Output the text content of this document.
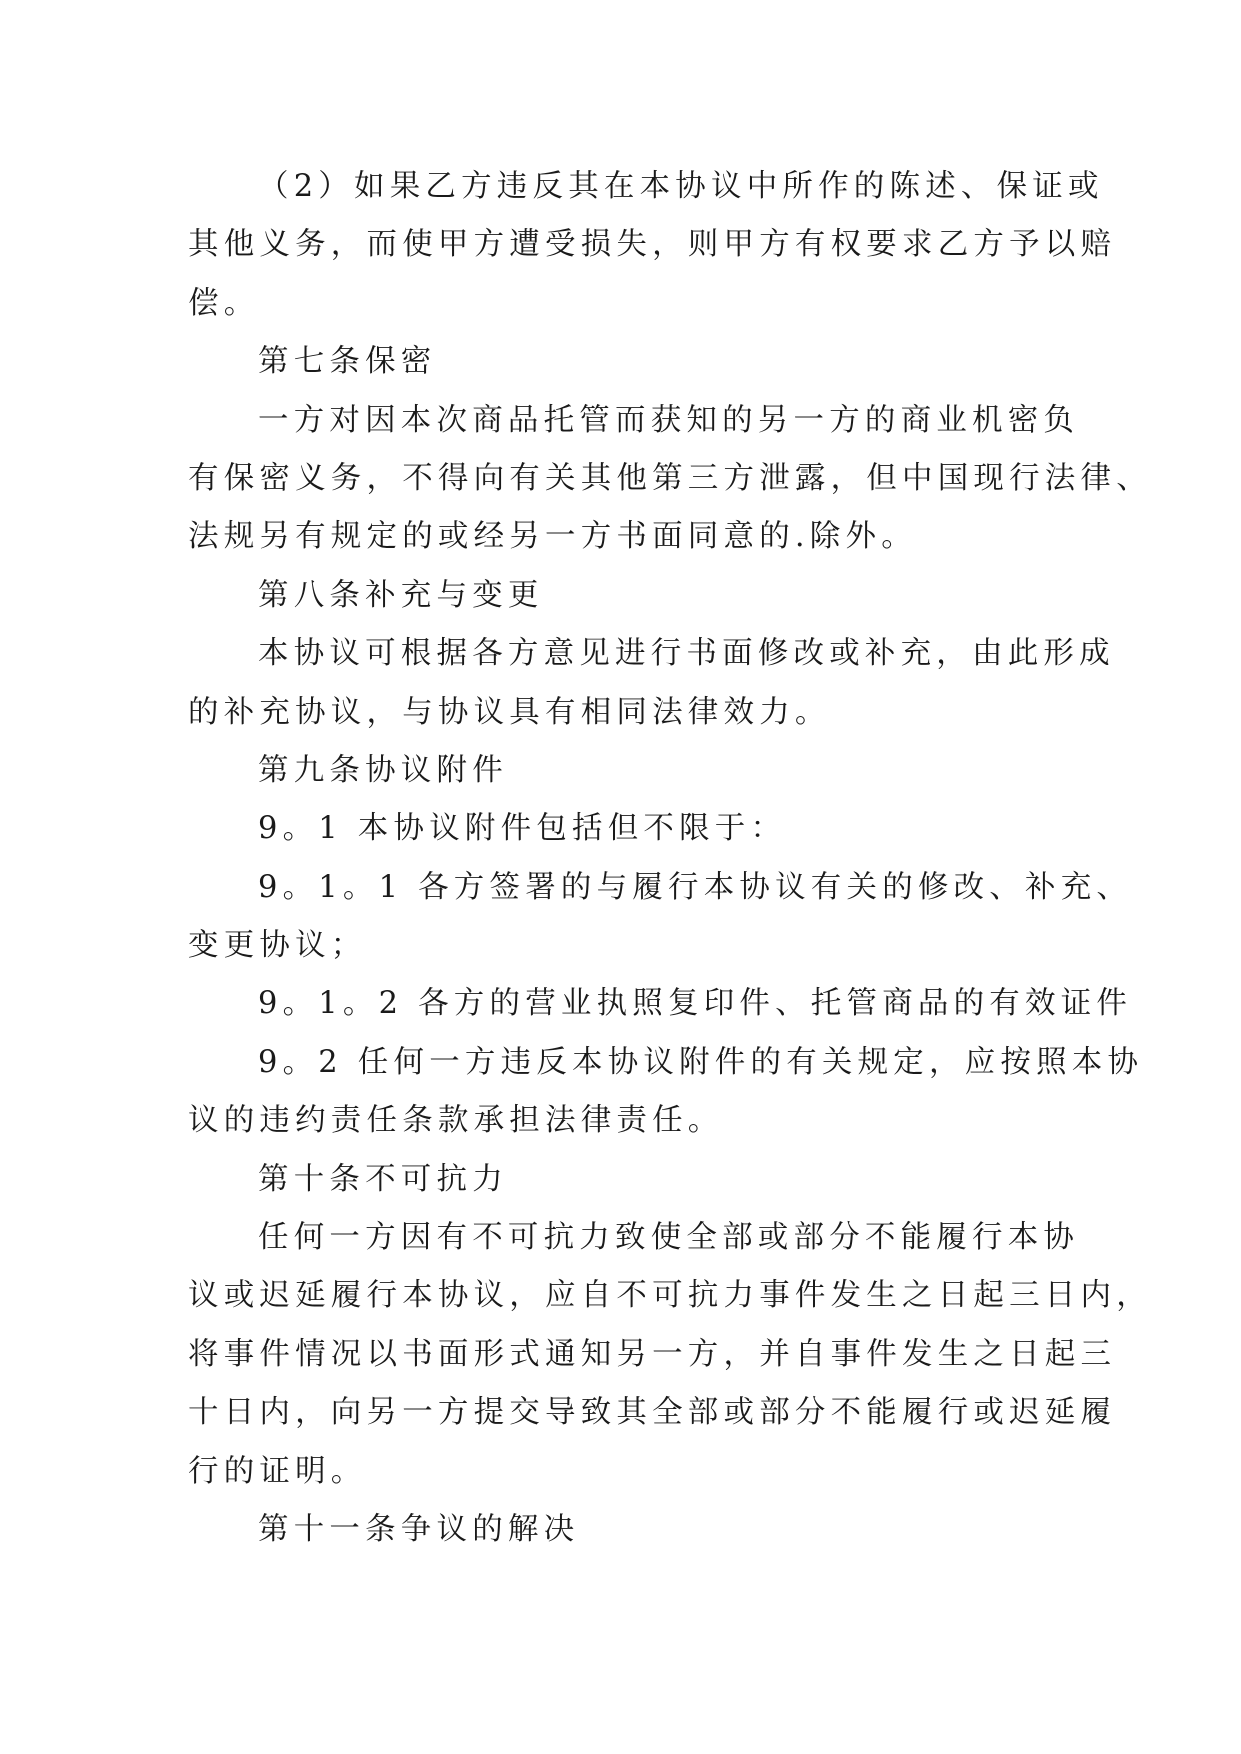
（2）如果乙方违反其在本协议中所作的陈述、保证或
其他义务，而使甲方遭受损失，则甲方有权要求乙方予以赔
偿。
第七条保密
一方对因本次商品托管而获知的另一方的商业机密负
有保密义务，不得向有关其他第三方泄露，但中国现行法律、
法规另有规定的或经另一方书面同意的.除外。
第八条补充与变更
本协议可根据各方意见进行书面修改或补充，由此形成
的补充协议，与协议具有相同法律效力。
第九条协议附件
9。1 本协议附件包括但不限于：
9。1。1 各方签署的与履行本协议有关的修改、补充、
变更协议；
9。1。2 各方的营业执照复印件、托管商品的有效证件
9。2 任何一方违反本协议附件的有关规定，应按照本协
议的违约责任条款承担法律责任。
第十条不可抗力
任何一方因有不可抗力致使全部或部分不能履行本协
议或迟延履行本协议，应自不可抗力事件发生之日起三日内，
将事件情况以书面形式通知另一方，并自事件发生之日起三
十日内，向另一方提交导致其全部或部分不能履行或迟延履
行的证明。
第十一条争议的解决
